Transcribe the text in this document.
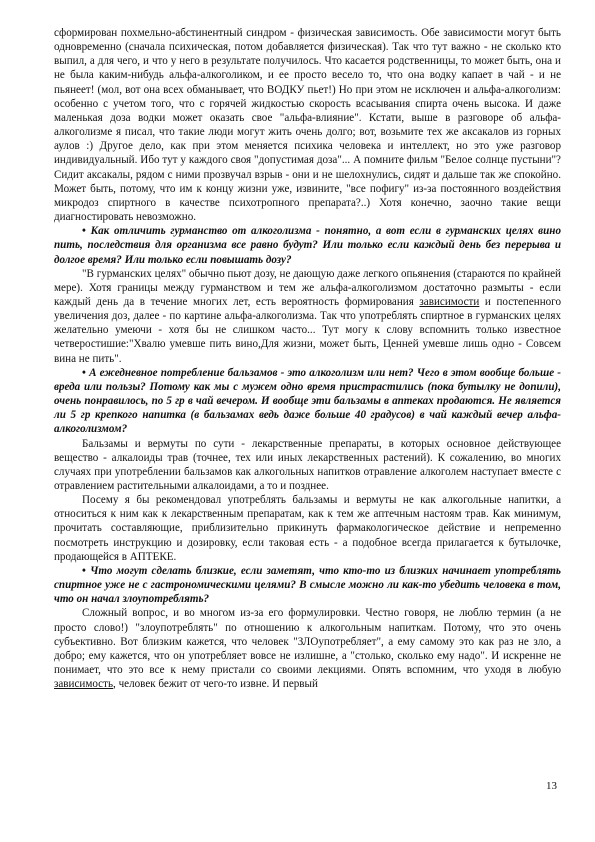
сформирован похмельно-абстинентный синдром - физическая зависимость. Обе зависимости могут быть одновременно (сначала психическая, потом добавляется физическая). Так что тут важно - не сколько кто выпил, а для чего, и что у него в результате получилось. Что касается родственницы, то может быть, она и не была каким-нибудь альфа-алкоголиком, и ее просто весело то, что она водку капает в чай - и не пьянеет! (мол, вот она всех обманывает, что ВОДКУ пьет!) Но при этом не исключен и альфа-алкоголизм: особенно с учетом того, что с горячей жидкостью скорость всасывания спирта очень высока. И даже маленькая доза водки может оказать свое "альфа-влияние". Кстати, выше в разговоре об альфа-алкоголизме я писал, что такие люди могут жить очень долго; вот, возьмите тех же аксакалов из горных аулов :) Другое дело, как при этом меняется психика человека и интеллект, но это уже разговор индивидуальный. Ибо тут у каждого своя "допустимая доза"... А помните фильм "Белое солнце пустыни"? Сидит аксакалы, рядом с ними прозвучал взрыв - они и не шелохнулись, сидят и дальше так же спокойно. Может быть, потому, что им к концу жизни уже, извините, "все пофигу" из-за постоянного воздействия микродоз спиртного в качестве психотропного препарата?..) Хотя конечно, заочно такие вещи диагностировать невозможно.

• Как отличить гурманство от алкоголизма - понятно, а вот если в гурманских целях вино пить, последствия для организма все равно будут? Или только если каждый день без перерыва и долгое время? Или только если повышать дозу?

"В гурманских целях" обычно пьют дозу, не дающую даже легкого опьянения (стараются по крайней мере). Хотя границы между гурманством и тем же альфа-алкоголизмом достаточно размыты - если каждый день да в течение многих лет, есть вероятность формирования зависимости и постепенного увеличения доз, далее - по картине альфа-алкоголизма. Так что употреблять спиртное в гурманских целях желательно умеючи - хотя бы не слишком часто... Тут могу к слову вспомнить только известное четверостишие:"Хвалю умевше пить вино,Для жизни, может быть, Ценней умевше лишь одно - Совсем вина не пить".

• А ежедневное потребление бальзамов - это алкоголизм или нет? Чего в этом вообще больше - вреда или пользы? Потому как мы с мужем одно время пристрастились (пока бутылку не допили), очень понравилось, по 5 гр в чай вечером. И вообще эти бальзамы в аптеках продаются. Не является ли 5 гр крепкого напитка (в бальзамах ведь даже больше 40 градусов) в чай каждый вечер альфа-алкоголизмом?

Бальзамы и вермуты по сути - лекарственные препараты, в которых основное действующее вещество - алкалоиды трав (точнее, тех или иных лекарственных растений). К сожалению, во многих случаях при употреблении бальзамов как алкогольных напитков отравление алкоголем наступает вместе с отравлением растительными алкалоидами, а то и позднее.

Посему я бы рекомендовал употреблять бальзамы и вермуты не как алкогольные напитки, а относиться к ним как к лекарственным препаратам, как к тем же аптечным настоям трав. Как минимум, прочитать составляющие, приблизительно прикинуть фармакологическое действие и непременно посмотреть инструкцию и дозировку, если таковая есть - а подобное всегда прилагается к бутылочке, продающейся в АПТЕКЕ.

• Что могут сделать близкие, если заметят, что кто-то из близких начинает употреблять спиртное уже не с гастрономическими целями? В смысле можно ли как-то убедить человека в том, что он начал злоупотреблять?

Сложный вопрос, и во многом из-за его формулировки. Честно говоря, не люблю термин (а не просто слово!) "злоупотреблять" по отношению к алкогольным напиткам. Потому, что это очень субъективно. Вот близким кажется, что человек "ЗЛОупотребляет", а ему самому это как раз не зло, а добро; ему кажется, что он употребляет вовсе не излишне, а "столько, сколько ему надо". И искренне не понимает, что это все к нему пристали со своими лекциями. Опять вспомним, что уходя в любую зависимость, человек бежит от чего-то извне. И первый

13
